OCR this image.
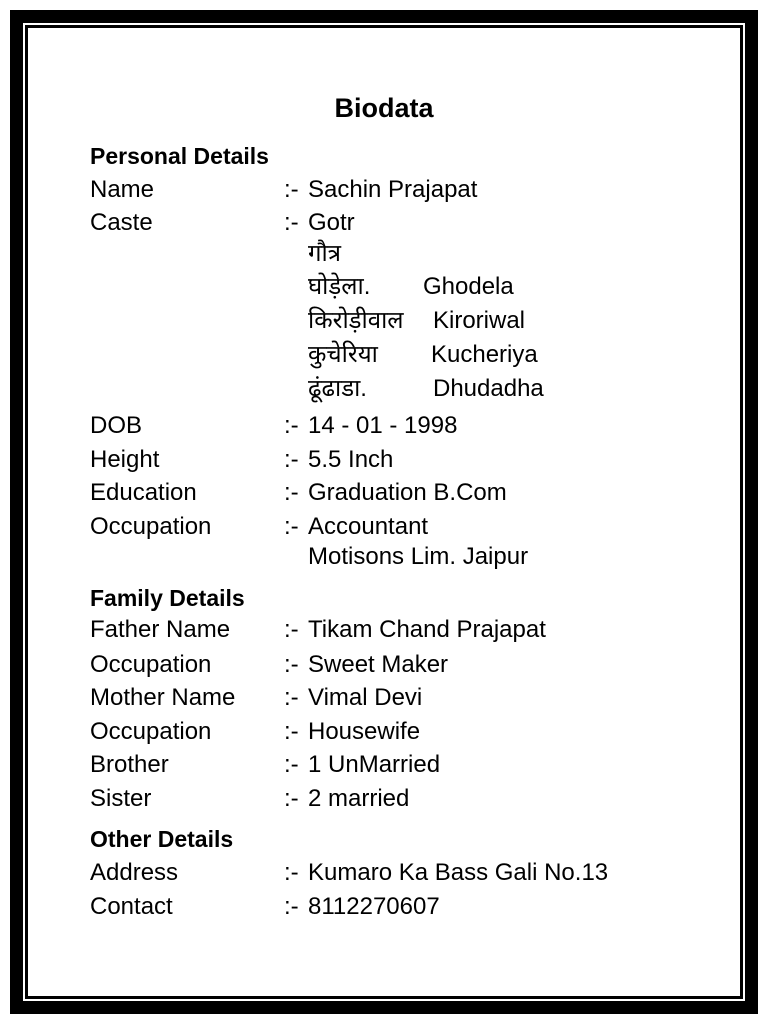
Biodata
Personal Details
Name	:- Sachin Prajapat
Caste	:- Gotr
गौत्र
घोड़ेला. Ghodela
किरोड़ीवाल Kiroriwal
कुचेरिया Kucheriya
ढूंढाडा.	Dhudadha
DOB	:- 14 - 01 - 1998
Height	:- 5.5 Inch
Education	:- Graduation B.Com
Occupation	:- Accountant
Motisons Lim. Jaipur
Family Details
Father Name :- Tikam Chand Prajapat
Occupation	:- Sweet Maker
Mother Name :- Vimal Devi
Occupation	:- Housewife
Brother	:- 1 UnMarried
Sister	:- 2 married
Other Details
Address	:- Kumaro Ka Bass Gali No.13
Contact	:- 8112270607
